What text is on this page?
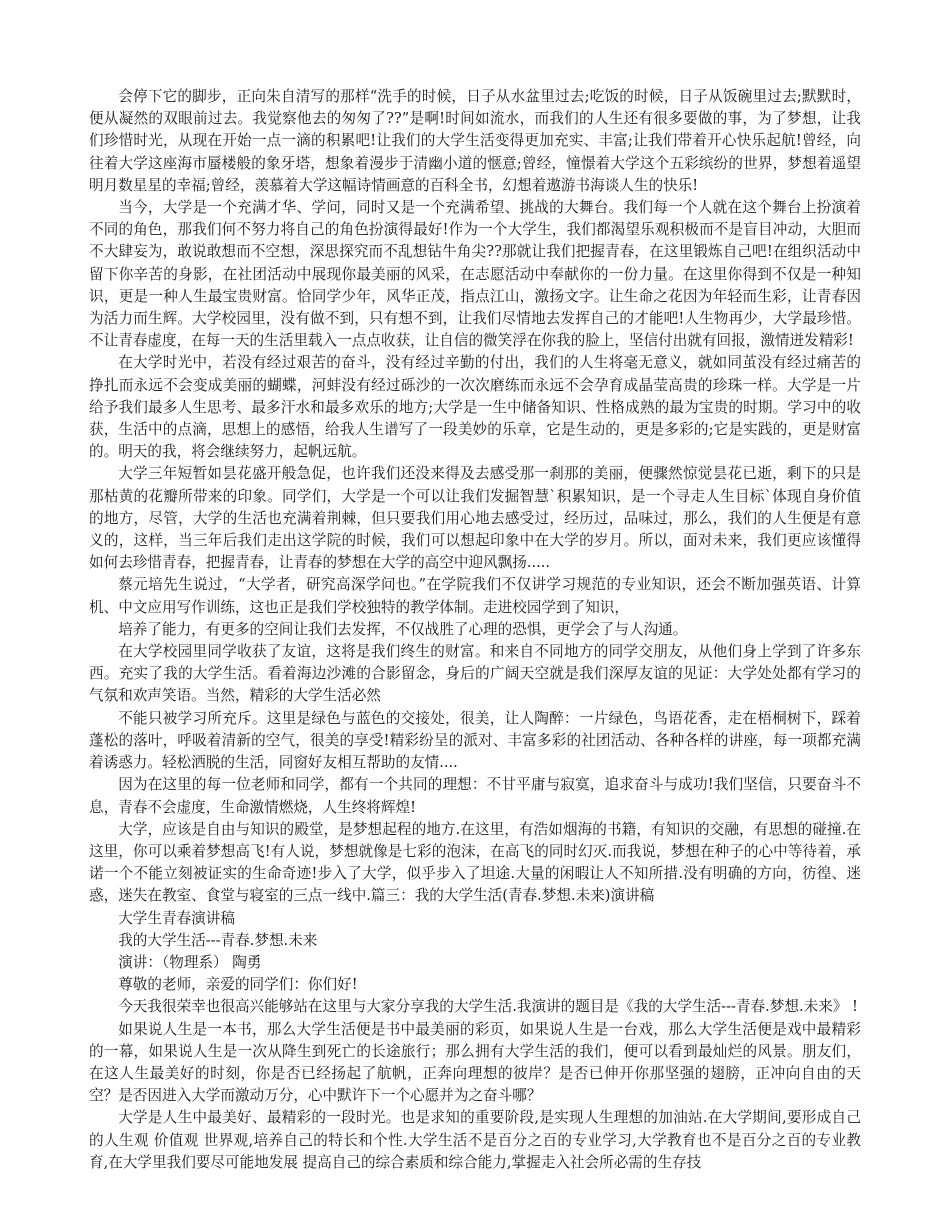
会停下它的脚步，正向朱自清写的那样“洗手的时候，日子从水盆里过去;吃饭的时候，日子从饭碗里过去;默默时，便从凝然的双眼前过去。我觉察他去的匆匆了??”是啊!时间如流水，而我们的人生还有很多要做的事，为了梦想，让我们珍惜时光，从现在开始一点一滴的积累吧!让我们的大学生活变得更加充实、丰富;让我们带着开心快乐起航!曾经，向往着大学这座海市蜃楼般的象牙塔，想象着漫步于清幽小道的惬意;曾经，憧憬着大学这个五彩缤纷的世界，梦想着遥望明月数星星的幸福;曾经，羡慕着大学这幅诗情画意的百科全书，幻想着遨游书海谈人生的快乐!

当今，大学是一个充满才华、学问，同时又是一个充满希望、挑战的大舞台。我们每一个人就在这个舞台上扮演着不同的角色，那我们何不努力将自己的角色扮演得最好!作为一个大学生，我们都渴望乐观积极而不是盲目冲动，大胆而不大肆妄为，敢说敢想而不空想，深思探究而不乱想钻牛角尖??那就让我们把握青春，在这里锻炼自己吧!在组织活动中留下你辛苦的身影，在社团活动中展现你最美丽的风采，在志愿活动中奉献你的一份力量。在这里你得到不仅是一种知识，更是一种人生最宝贵财富。恰同学少年，风华正茂，指点江山，激扬文字。让生命之花因为年轻而生彩，让青春因为活力而生辉。大学校园里，没有做不到，只有想不到，让我们尽情地去发挥自己的才能吧!人生物再少，大学最珍惜。不让青春虚度，在每一天的生活里载入一点点收获，让自信的微笑浮在你我的脸上，坚信付出就有回报，激情迸发精彩!

在大学时光中，若没有经过艰苦的奋斗，没有经过辛勤的付出，我们的人生将毫无意义，就如同茧没有经过痛苦的挣扎而永远不会变成美丽的蝴蝶，河蚌没有经过砾沙的一次次磨练而永远不会孕育成晶莹高贵的珍珠一样。大学是一片给予我们最多人生思考、最多汗水和最多欢乐的地方;大学是一生中储备知识、性格成熟的最为宝贵的时期。学习中的收获，生活中的点滴，思想上的感悟，给我人生谱写了一段美妙的乐章，它是生动的，更是多彩的;它是实践的，更是财富的。明天的我，将会继续努力，起帆远航。

大学三年短暂如昙花盛开般急促，也许我们还没来得及去感受那一刹那的美丽，便骤然惊觉昙花已逝，剩下的只是那枯黄的花瓣所带来的印象。同学们，大学是一个可以让我们发掘智慧`积累知识，是一个寻走人生目标`体现自身价值的地方，尽管，大学的生活也充满着荆棘，但只要我们用心地去感受过，经历过，品味过，那么，我们的人生便是有意义的，这样，当三年后我们走出这学院的时候，我们可以想起印象中在大学的岁月。所以，面对未来，我们更应该懂得如何去珍惜青春，把握青春，让青春的梦想在大学的高空中迎风飘扬.....

蔡元培先生说过，“大学者，研究高深学问也。”在学院我们不仅讲学习规范的专业知识，还会不断加强英语、计算机、中文应用写作训练，这也正是我们学校独特的教学体制。走进校园学到了知识，

培养了能力，有更多的空间让我们去发挥，不仅战胜了心理的恐惧，更学会了与人沟通。

在大学校园里同学收获了友谊，这将是我们终生的财富。和来自不同地方的同学交朋友，从他们身上学到了许多东西。充实了我的大学生活。看着海边沙滩的合影留念，身后的广阔天空就是我们深厚友谊的见证：大学处处都有学习的气氛和欢声笑语。当然，精彩的大学生活必然

不能只被学习所充斥。这里是绿色与蓝色的交接处，很美，让人陶醉：一片绿色，鸟语花香，走在梧桐树下，踩着蓬松的落叶，呼吸着清新的空气，很美的享受!精彩纷呈的派对、丰富多彩的社团活动、各种各样的讲座，每一项都充满着诱惑力。轻松洒脱的生活，同窗好友相互帮助的友情....

因为在这里的每一位老师和同学，都有一个共同的理想：不甘平庸与寂寞，追求奋斗与成功!我们坚信，只要奋斗不息，青春不会虚度，生命激情燃烧，人生终将辉煌!

大学，应该是自由与知识的殿堂，是梦想起程的地方.在这里，有浩如烟海的书籍，有知识的交融，有思想的碰撞.在这里，你可以乘着梦想高飞!有人说，梦想就像是七彩的泡沫，在高飞的同时幻灭.而我说，梦想在种子的心中等待着，承诺一个不能立刻被证实的生命奇迹!步入了大学，似乎步入了坦途.大量的闲暇让人不知所措.没有明确的方向，彷徨、迷惑，迷失在教室、食堂与寝室的三点一线中.篇三：我的大学生活(青春.梦想.未来)演讲稿

大学生青春演讲稿

我的大学生活---青春.梦想.未来

演讲：（物理系） 陶勇

尊敬的老师，亲爱的同学们：你们好!

今天我很荣幸也很高兴能够站在这里与大家分享我的大学生活.我演讲的题目是《我的大学生活---青春.梦想.未来》 !

如果说人生是一本书，那么大学生活便是书中最美丽的彩页，如果说人生是一台戏，那么大学生活便是戏中最精彩的一幕，如果说人生是一次从降生到死亡的长途旅行；那么拥有大学生活的我们，便可以看到最灿烂的风景。朋友们，在这人生最美好的时刻，你是否已经扬起了航帆，正奔向理想的彼岸？是否已伸开你那坚强的翅膀，正冲向自由的天空？是否因进入大学而激动万分，心中默许下一个心愿并为之奋斗哪？

大学是人生中最美好、最精彩的一段时光。也是求知的重要阶段,是实现人生理想的加油站.在大学期间,要形成自己的人生观 价值观 世界观,培养自己的特长和个性.大学生活不是百分之百的专业学习,大学教育也不是百分之百的专业教育,在大学里我们要尽可能地发展 提高自己的综合素质和综合能力,掌握走入社会所必需的生存技
